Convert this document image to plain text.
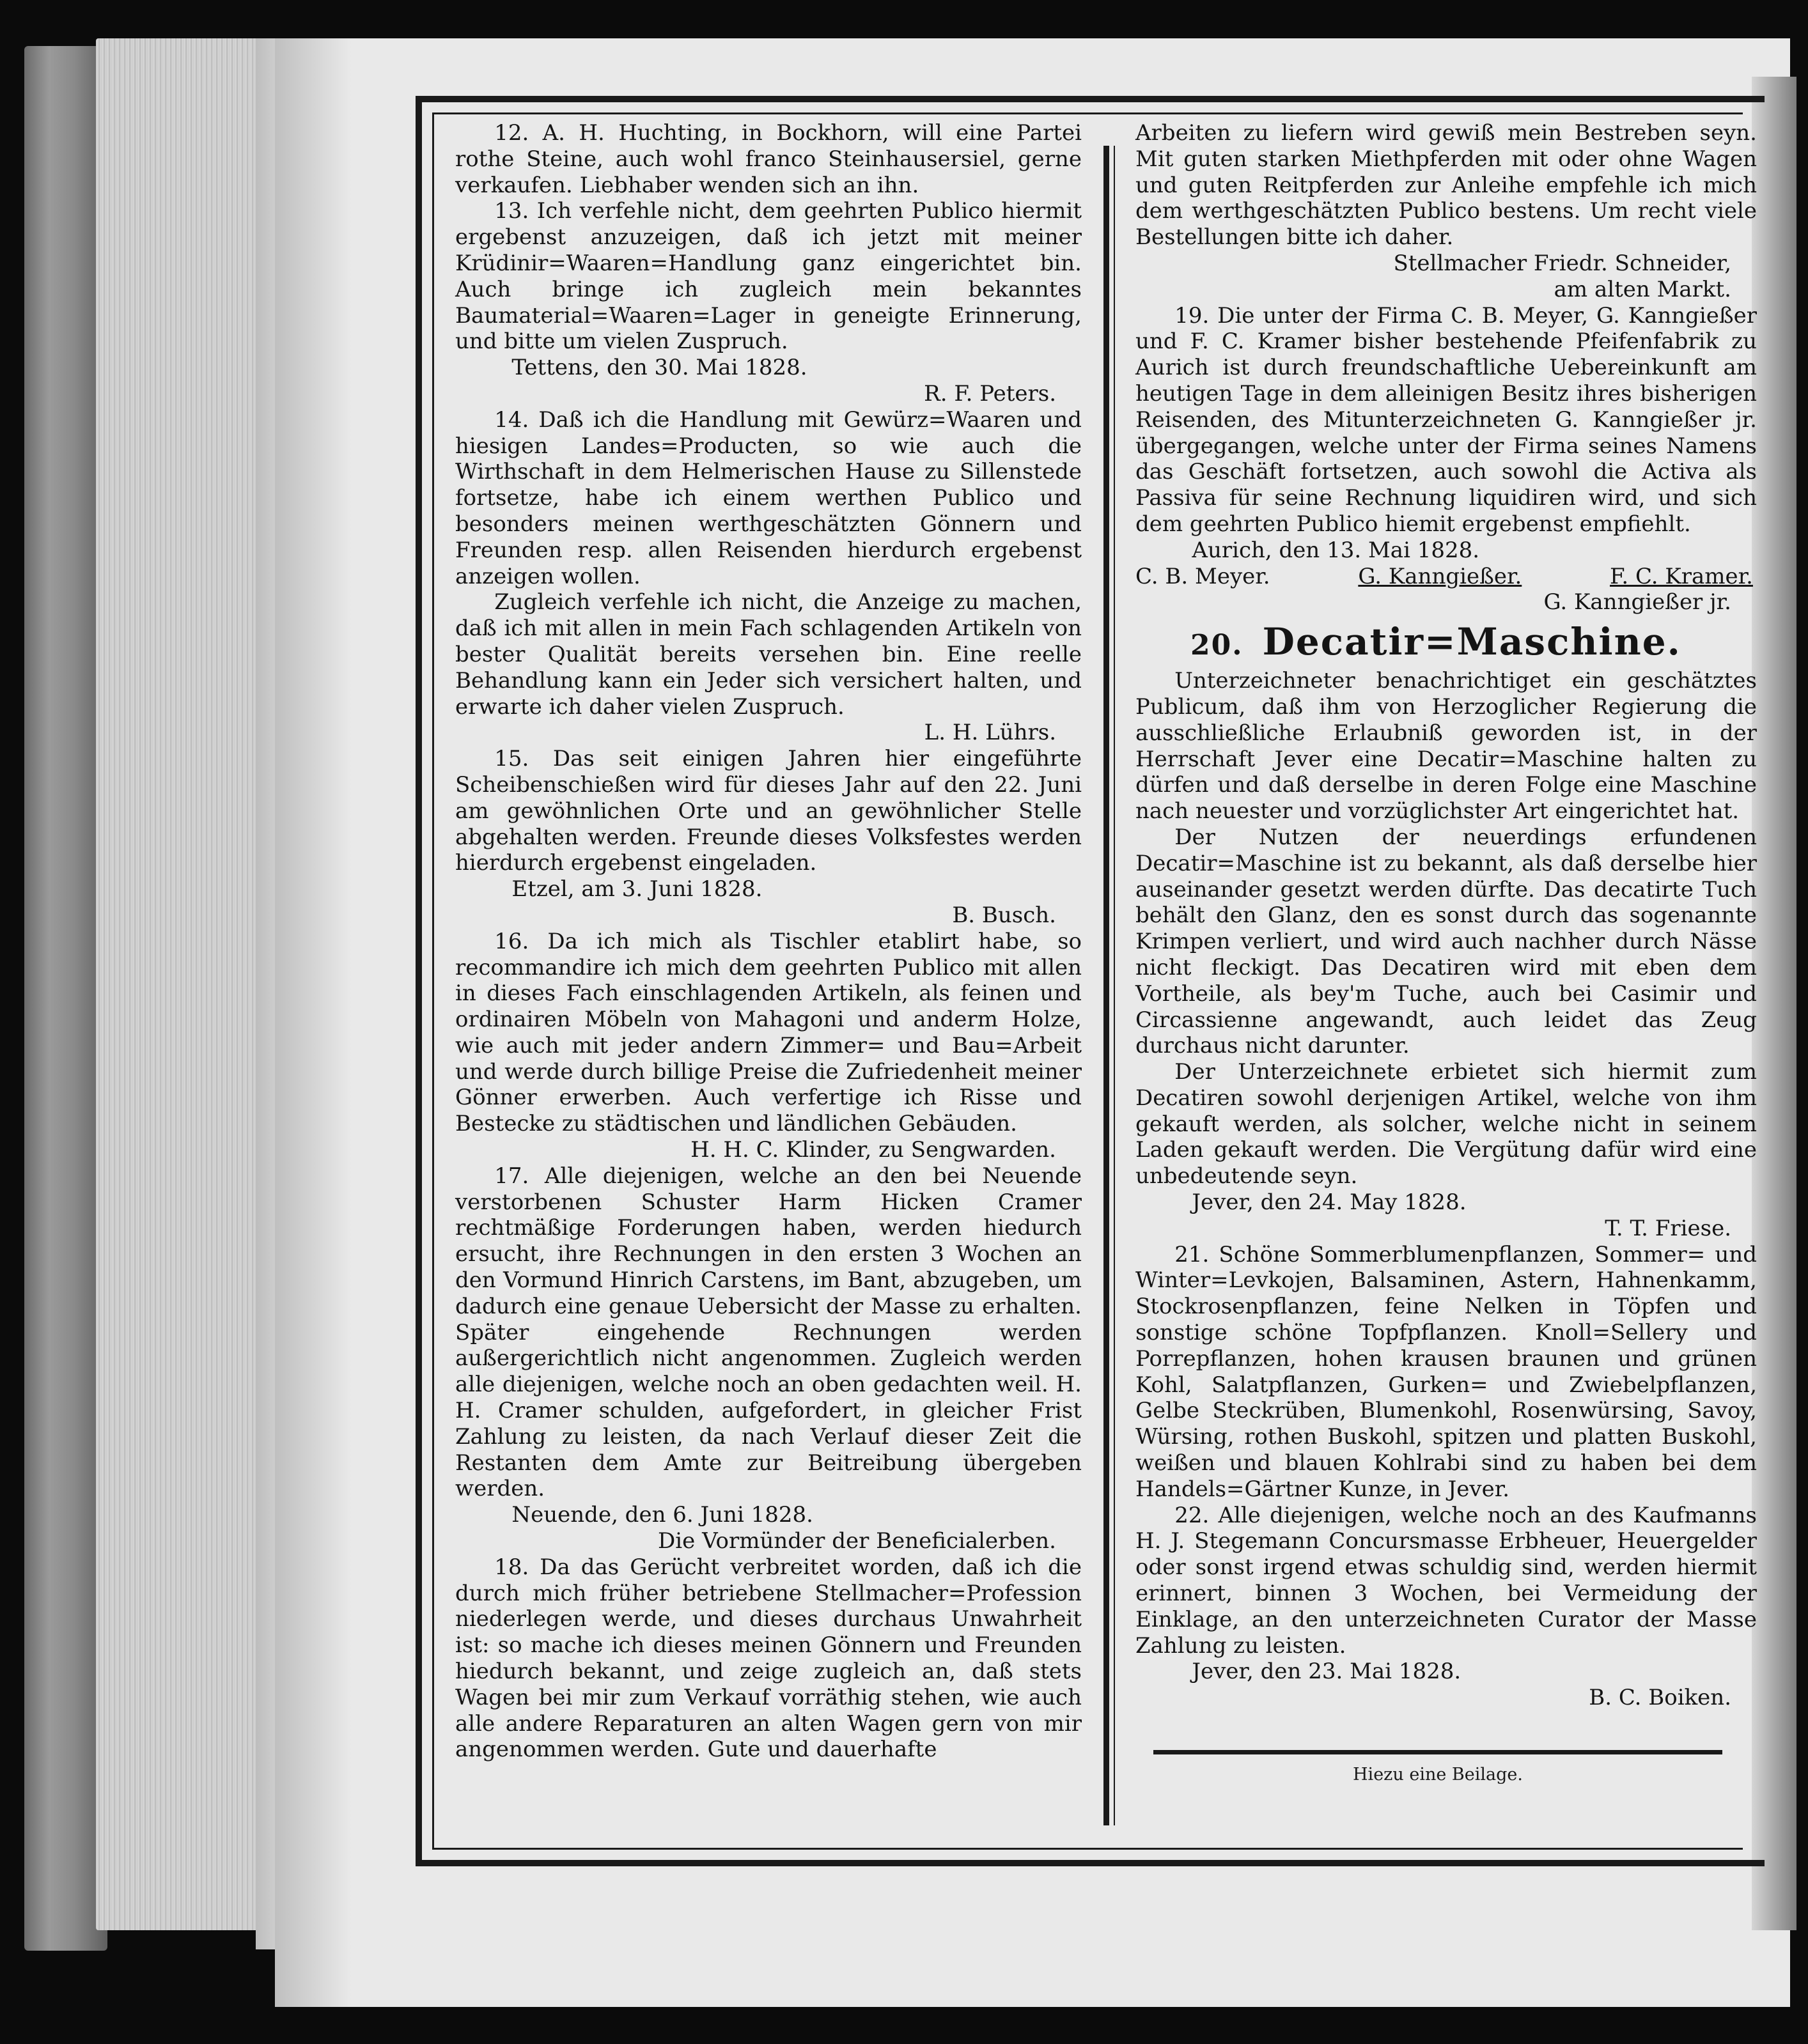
12. A. H. Huchting, in Bockhorn, will eine Partei rothe Steine, auch wohl franco Steinhausersiel, gerne verkaufen. Liebhaber wenden sich an ihn.

13. Ich verfehle nicht, dem geehrten Publico hiermit ergebenst anzuzeigen, daß ich jetzt mit meiner Krüdinir=Waaren=Handlung ganz eingerichtet bin. Auch bringe ich zugleich mein bekanntes Baumaterial=Waaren=Lager in geneigte Erinnerung, und bitte um vielen Zuspruch.

Tettens, den 30. Mai 1828.

R. F. Peters.

14. Daß ich die Handlung mit Gewürz=Waaren und hiesigen Landes=Producten, so wie auch die Wirthschaft in dem Helmerischen Hause zu Sillenstede fortsetze, habe ich einem werthen Publico und besonders meinen werthgeschätzten Gönnern und Freunden resp. allen Reisenden hierdurch ergebenst anzeigen wollen.

Zugleich verfehle ich nicht, die Anzeige zu machen, daß ich mit allen in mein Fach schlagenden Artikeln von bester Qualität bereits versehen bin. Eine reelle Behandlung kann ein Jeder sich versichert halten, und erwarte ich daher vielen Zuspruch.

L. H. Lührs.

15. Das seit einigen Jahren hier eingeführte Scheibenschießen wird für dieses Jahr auf den 22. Juni am gewöhnlichen Orte und an gewöhnlicher Stelle abgehalten werden. Freunde dieses Volksfestes werden hierdurch ergebenst eingeladen.

Etzel, am 3. Juni 1828.

B. Busch.

16. Da ich mich als Tischler etablirt habe, so recommandire ich mich dem geehrten Publico mit allen in dieses Fach einschlagenden Artikeln, als feinen und ordinairen Möbeln von Mahagoni und anderm Holze, wie auch mit jeder andern Zimmer= und Bau=Arbeit und werde durch billige Preise die Zufriedenheit meiner Gönner erwerben. Auch verfertige ich Risse und Bestecke zu städtischen und ländlichen Gebäuden.

H. H. C. Klinder, zu Sengwarden.

17. Alle diejenigen, welche an den bei Neuende verstorbenen Schuster Harm Hicken Cramer rechtmäßige Forderungen haben, werden hiedurch ersucht, ihre Rechnungen in den ersten 3 Wochen an den Vormund Hinrich Carstens, im Bant, abzugeben, um dadurch eine genaue Uebersicht der Masse zu erhalten. Später eingehende Rechnungen werden außergerichtlich nicht angenommen. Zugleich werden alle diejenigen, welche noch an oben gedachten weil. H. H. Cramer schulden, aufgefordert, in gleicher Frist Zahlung zu leisten, da nach Verlauf dieser Zeit die Restanten dem Amte zur Beitreibung übergeben werden.

Neuende, den 6. Juni 1828.

Die Vormünder der Beneficialerben.

18. Da das Gerücht verbreitet worden, daß ich die durch mich früher betriebene Stellmacher=Profession niederlegen werde, und dieses durchaus Unwahrheit ist: so mache ich dieses meinen Gönnern und Freunden hiedurch bekannt, und zeige zugleich an, daß stets Wagen bei mir zum Verkauf vorräthig stehen, wie auch alle andere Reparaturen an alten Wagen gern von mir angenommen werden. Gute und dauerhafte

Arbeiten zu liefern wird gewiß mein Bestreben seyn. Mit guten starken Miethpferden mit oder ohne Wagen und guten Reitpferden zur Anleihe empfehle ich mich dem werthgeschätzten Publico bestens. Um recht viele Bestellungen bitte ich daher.

Stellmacher Friedr. Schneider,

am alten Markt.

19. Die unter der Firma C. B. Meyer, G. Kanngießer und F. C. Kramer bisher bestehende Pfeifenfabrik zu Aurich ist durch freundschaftliche Uebereinkunft am heutigen Tage in dem alleinigen Besitz ihres bisherigen Reisenden, des Mitunterzeichneten G. Kanngießer jr. übergegangen, welche unter der Firma seines Namens das Geschäft fortsetzen, auch sowohl die Activa als Passiva für seine Rechnung liquidiren wird, und sich dem geehrten Publico hiemit ergebenst empfiehlt.

Aurich, den 13. Mai 1828.

C. B. Meyer.	G. Kanngießer.	F. C. Kramer.

G. Kanngießer jr.

20. Decatir=Maschine.

Unterzeichneter benachrichtiget ein geschätztes Publicum, daß ihm von Herzoglicher Regierung die ausschließliche Erlaubniß geworden ist, in der Herrschaft Jever eine Decatir=Maschine halten zu dürfen und daß derselbe in deren Folge eine Maschine nach neuester und vorzüglichster Art eingerichtet hat.

Der Nutzen der neuerdings erfundenen Decatir=Maschine ist zu bekannt, als daß derselbe hier auseinander gesetzt werden dürfte. Das decatirte Tuch behält den Glanz, den es sonst durch das sogenannte Krimpen verliert, und wird auch nachher durch Nässe nicht fleckigt. Das Decatiren wird mit eben dem Vortheile, als bey'm Tuche, auch bei Casimir und Circassienne angewandt, auch leidet das Zeug durchaus nicht darunter.

Der Unterzeichnete erbietet sich hiermit zum Decatiren sowohl derjenigen Artikel, welche von ihm gekauft werden, als solcher, welche nicht in seinem Laden gekauft werden. Die Vergütung dafür wird eine unbedeutende seyn.

Jever, den 24. May 1828.

T. T. Friese.

21. Schöne Sommerblumenpflanzen, Sommer= und Winter=Levkojen, Balsaminen, Astern, Hahnenkamm, Stockrosenpflanzen, feine Nelken in Töpfen und sonstige schöne Topfpflanzen. Knoll=Sellery und Porrepflanzen, hohen krausen braunen und grünen Kohl, Salatpflanzen, Gurken= und Zwiebelpflanzen, Gelbe Steckrüben, Blumenkohl, Rosenwürsing, Savoy, Würsing, rothen Buskohl, spitzen und platten Buskohl, weißen und blauen Kohlrabi sind zu haben bei dem Handels=Gärtner Kunze, in Jever.

22. Alle diejenigen, welche noch an des Kaufmanns H. J. Stegemann Concursmasse Erbheuer, Heuergelder oder sonst irgend etwas schuldig sind, werden hiermit erinnert, binnen 3 Wochen, bei Vermeidung der Einklage, an den unterzeichneten Curator der Masse Zahlung zu leisten.

Jever, den 23. Mai 1828.

B. C. Boiken.

Hiezu eine Beilage.
